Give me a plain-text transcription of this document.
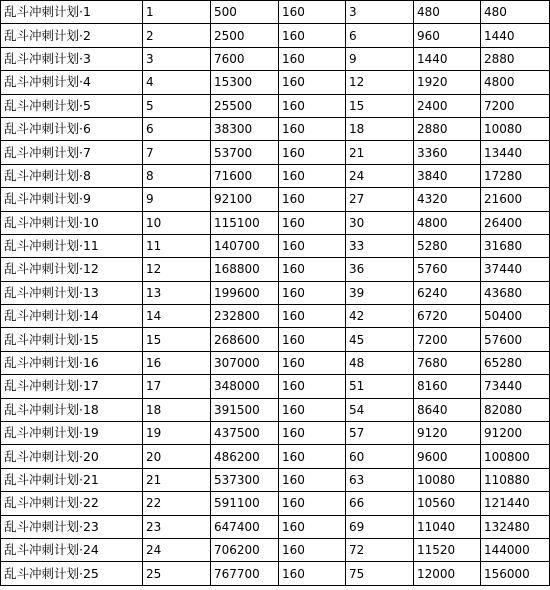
乱斗冲刺计划·1	1	500	160	3	480	480
乱斗冲刺计划·2	2	2500	160	6	960	1440
乱斗冲刺计划·3	3	7600	160	9	1440	2880
乱斗冲刺计划·4	4	15300	160	12	1920	4800
乱斗冲刺计划·5	5	25500	160	15	2400	7200
乱斗冲刺计划·6	6	38300	160	18	2880	10080
乱斗冲刺计划·7	7	53700	160	21	3360	13440
乱斗冲刺计划·8	8	71600	160	24	3840	17280
乱斗冲刺计划·9	9	92100	160	27	4320	21600
乱斗冲刺计划·10	10	115100	160	30	4800	26400
乱斗冲刺计划·11	11	140700	160	33	5280	31680
乱斗冲刺计划·12	12	168800	160	36	5760	37440
乱斗冲刺计划·13	13	199600	160	39	6240	43680
乱斗冲刺计划·14	14	232800	160	42	6720	50400
乱斗冲刺计划·15	15	268600	160	45	7200	57600
乱斗冲刺计划·16	16	307000	160	48	7680	65280
乱斗冲刺计划·17	17	348000	160	51	8160	73440
乱斗冲刺计划·18	18	391500	160	54	8640	82080
乱斗冲刺计划·19	19	437500	160	57	9120	91200
乱斗冲刺计划·20	20	486200	160	60	9600	100800
乱斗冲刺计划·21	21	537300	160	63	10080	110880
乱斗冲刺计划·22	22	591100	160	66	10560	121440
乱斗冲刺计划·23	23	647400	160	69	11040	132480
乱斗冲刺计划·24	24	706200	160	72	11520	144000
乱斗冲刺计划·25	25	767700	160	75	12000	156000
